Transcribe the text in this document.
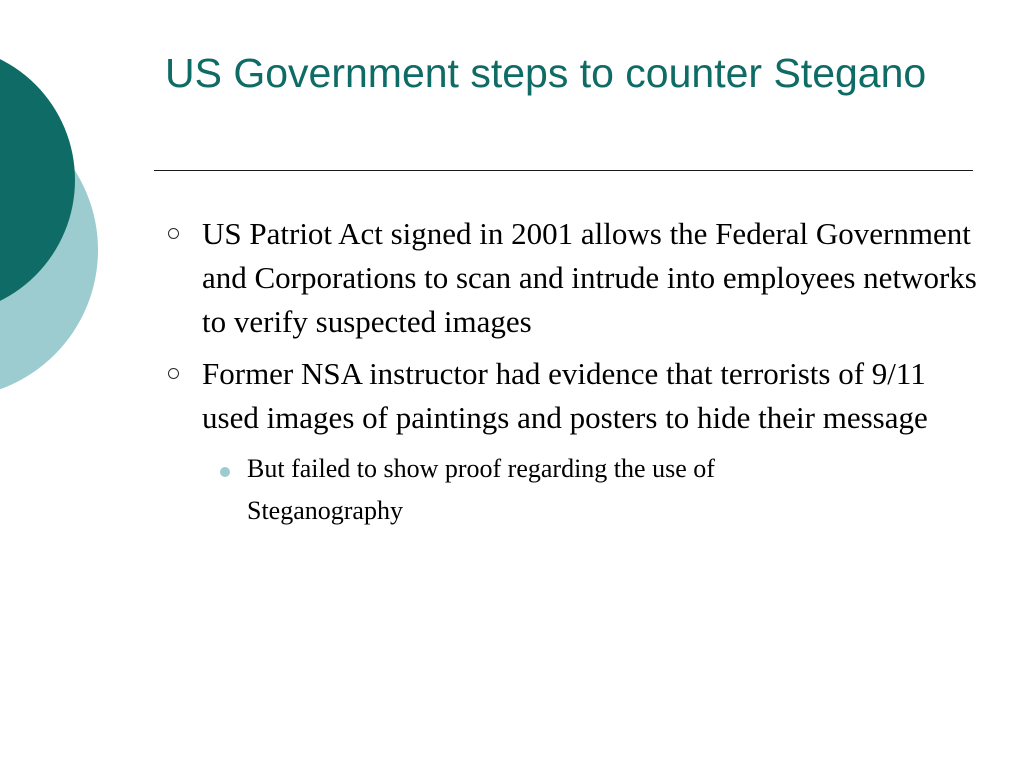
US Government steps to counter Stegano
US Patriot Act signed in 2001 allows the Federal Government and Corporations to scan and intrude into employees networks to verify suspected images
Former NSA instructor had evidence that terrorists of 9/11 used images of paintings and posters to hide their message
But failed to show proof regarding the use of Steganography
